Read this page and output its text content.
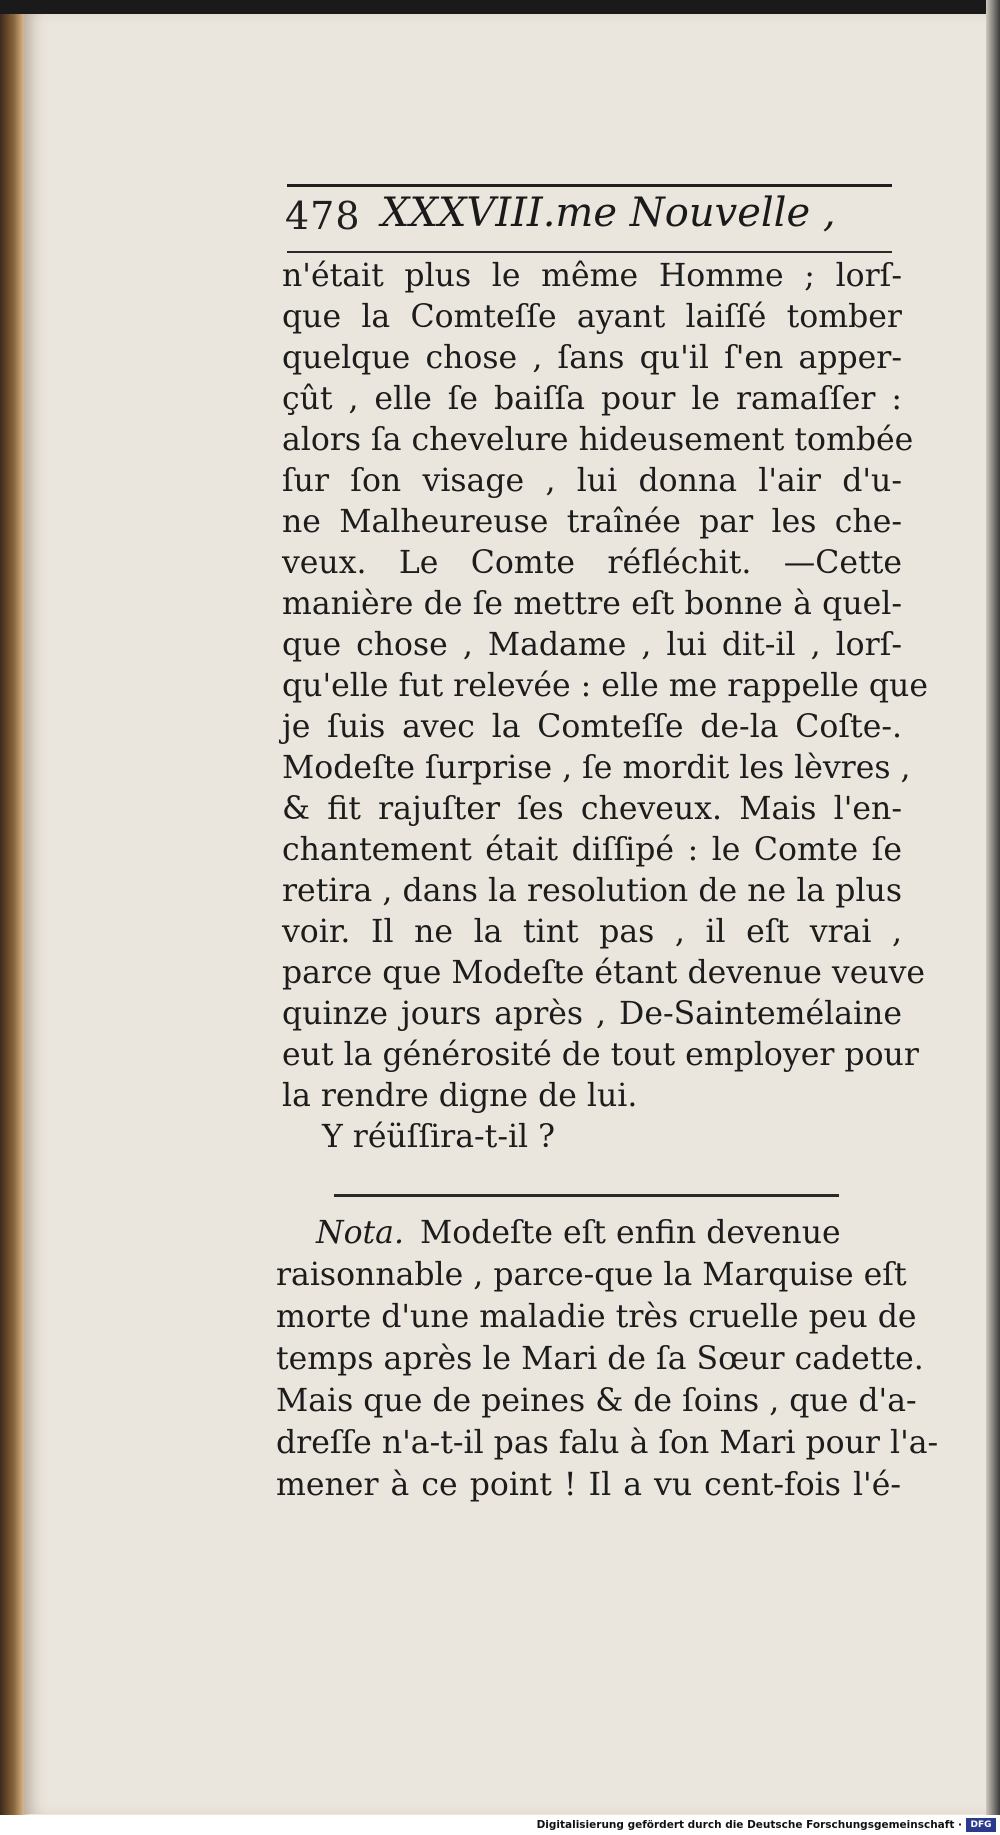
478 XXXVIII.me Nouvelle ,
n'était plus le même Homme ; lorſ-
que la Comteſſe ayant laiſſé tomber
quelque chose , ſans qu'il ſ'en apper-
çût , elle ſe baiſſa pour le ramaſſer :
alors ſa chevelure hideusement tombée
ſur ſon visage , lui donna l'air d'u-
ne Malheureuse traînée par les che-
veux. Le Comte réfléchit. —Cette
manière de ſe mettre eſt bonne à quel-
que chose , Madame , lui dit-il , lorſ-
qu'elle fut relevée : elle me rappelle que
je ſuis avec la Comteſſe de-la Coſte-.
Modeſte ſurprise , ſe mordit les lèvres ,
& fit rajuſter ſes cheveux. Mais l'en-
chantement était diſſipé : le Comte ſe
retira , dans la resolution de ne la plus
voir. Il ne la tint pas , il eſt vrai ,
parce que Modeſte étant devenue veuve
quinze jours après , De-Saintemélaine
eut la générosité de tout employer pour
la rendre digne de lui.
Y réüſſira-t-il ?
Nota. Modeſte eſt enfin devenue
raisonnable , parce-que la Marquise eſt
morte d'une maladie très cruelle peu de
temps après le Mari de ſa Sœur cadette.
Mais que de peines & de ſoins , que d'a-
dreſſe n'a-t-il pas falu à ſon Mari pour l'a-
mener à ce point ! Il a vu cent-fois l'é-
Digitalisierung gefördert durch die Deutsche Forschungsgemeinschaft · DFG
